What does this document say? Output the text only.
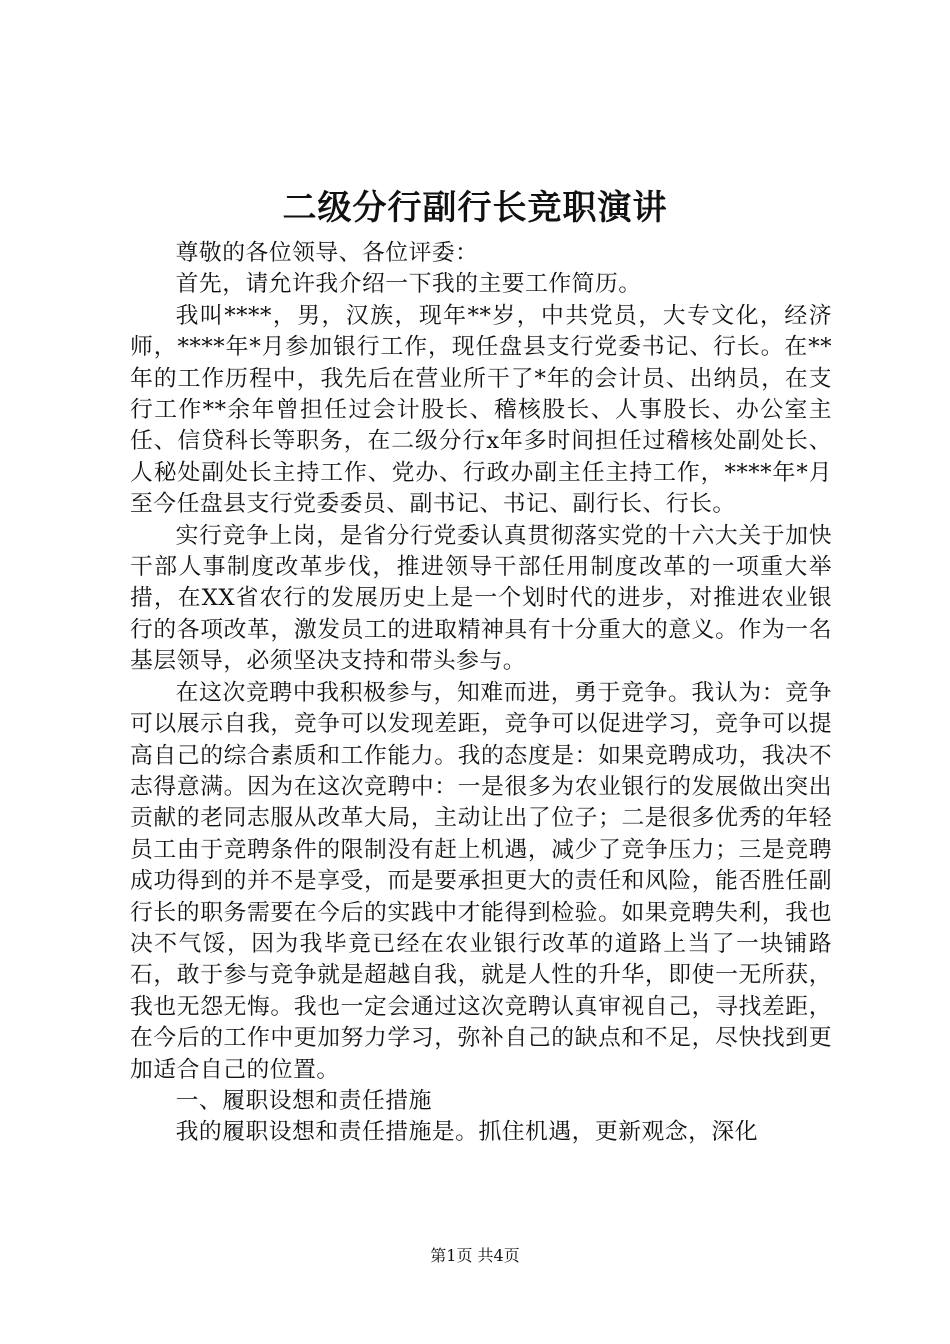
二级分行副行长竞职演讲

尊敬的各位领导、各位评委：

首先，请允许我介绍一下我的主要工作简历。

我叫****，男，汉族，现年**岁，中共党员，大专文化，经济师，****年*月参加银行工作，现任盘县支行党委书记、行长。在**年的工作历程中，我先后在营业所干了*年的会计员、出纳员，在支行工作**余年曾担任过会计股长、稽核股长、人事股长、办公室主任、信贷科长等职务，在二级分行x年多时间担任过稽核处副处长、人秘处副处长主持工作、党办、行政办副主任主持工作，****年*月至今任盘县支行党委委员、副书记、书记、副行长、行长。

实行竞争上岗，是省分行党委认真贯彻落实党的十六大关于加快干部人事制度改革步伐，推进领导干部任用制度改革的一项重大举措，在XX省农行的发展历史上是一个划时代的进步，对推进农业银行的各项改革，激发员工的进取精神具有十分重大的意义。作为一名基层领导，必须坚决支持和带头参与。

在这次竞聘中我积极参与，知难而进，勇于竞争。我认为：竞争可以展示自我，竞争可以发现差距，竞争可以促进学习，竞争可以提高自己的综合素质和工作能力。我的态度是：如果竞聘成功，我决不志得意满。因为在这次竞聘中：一是很多为农业银行的发展做出突出贡献的老同志服从改革大局，主动让出了位子；二是很多优秀的年轻员工由于竞聘条件的限制没有赶上机遇，减少了竞争压力；三是竞聘成功得到的并不是享受，而是要承担更大的责任和风险，能否胜任副行长的职务需要在今后的实践中才能得到检验。如果竞聘失利，我也决不气馁，因为我毕竟已经在农业银行改革的道路上当了一块铺路石，敢于参与竞争就是超越自我，就是人性的升华，即使一无所获，我也无怨无悔。我也一定会通过这次竞聘认真审视自己，寻找差距，在今后的工作中更加努力学习，弥补自己的缺点和不足，尽快找到更加适合自己的位置。

一、履职设想和责任措施

我的履职设想和责任措施是。抓住机遇，更新观念，深化

第1页 共4页
